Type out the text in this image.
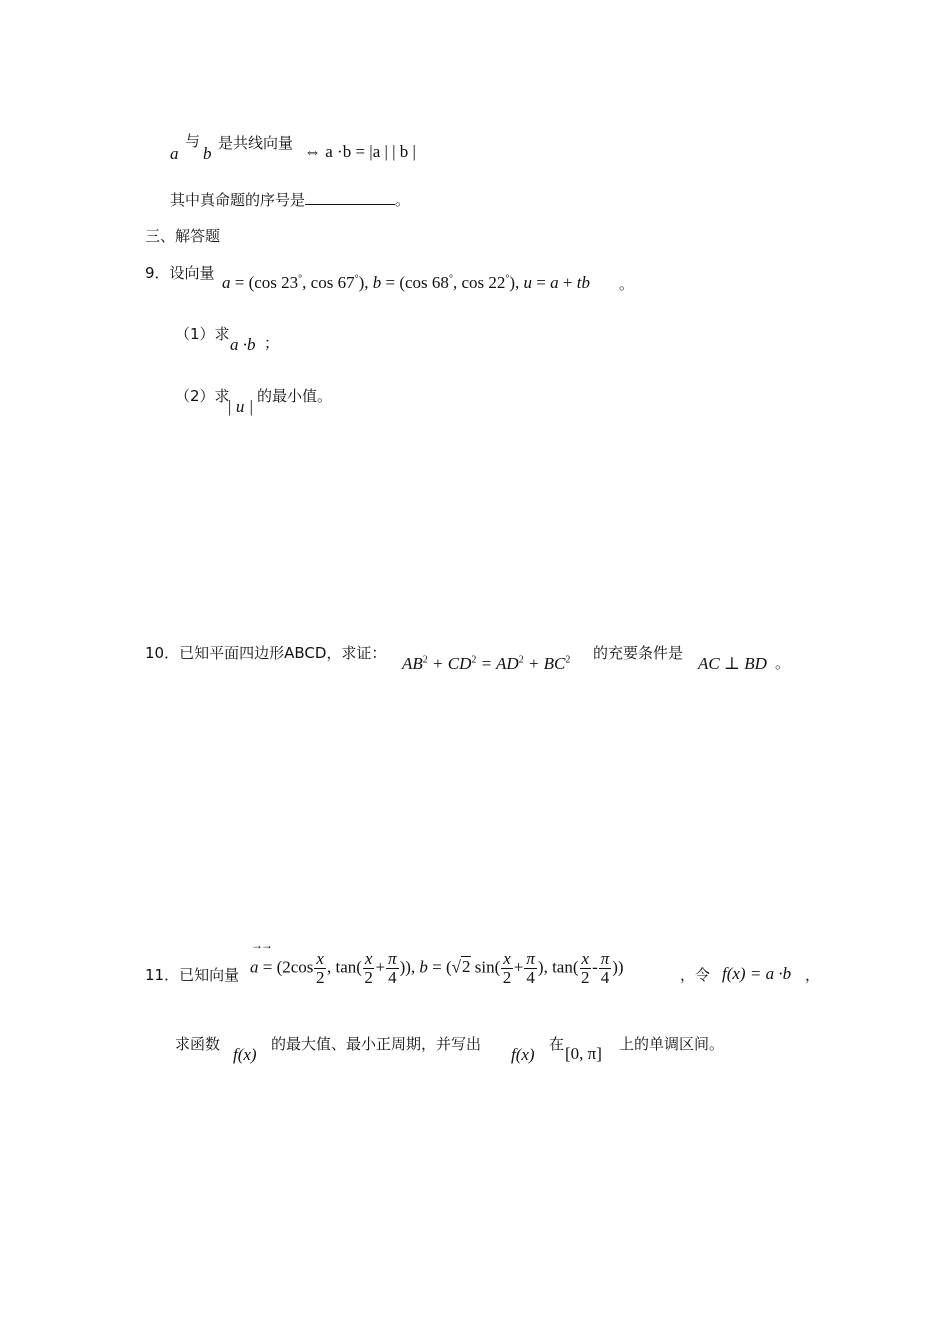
a
与
b
是共线向量 ⇔ a ·b = |a | | b |
其中真命题的序号是	。
三、解答题
9．设向量 a = (cos 23°, cos 67°), b = (cos 68°, cos 22°), u = a + tb 。
（1）求
a ·b ；
（2）求
| u |
的最小值。
10．已知平面四边形ABCD，求证：
$AB^2 + CD^2 = AD^2 + BC^2$ 的充要条件是
AC ⊥ BD 。
→→
11．已知向量 $a = (2\cos \frac{x}{2}$ , $\tan( \frac{x}{2} + \frac{\pi}{4}$ )), b = (√2 $\sin( \frac{x}{2} + \frac{\pi}{4}$ ), $\tan( \frac{x}{2} - \frac{\pi}{4}$ ))	，令 f(x) = a ·b ，
求函数
f(x)
的最大值、最小正周期，并写出
f(x)
在 [0, π] 上的单调区间。
